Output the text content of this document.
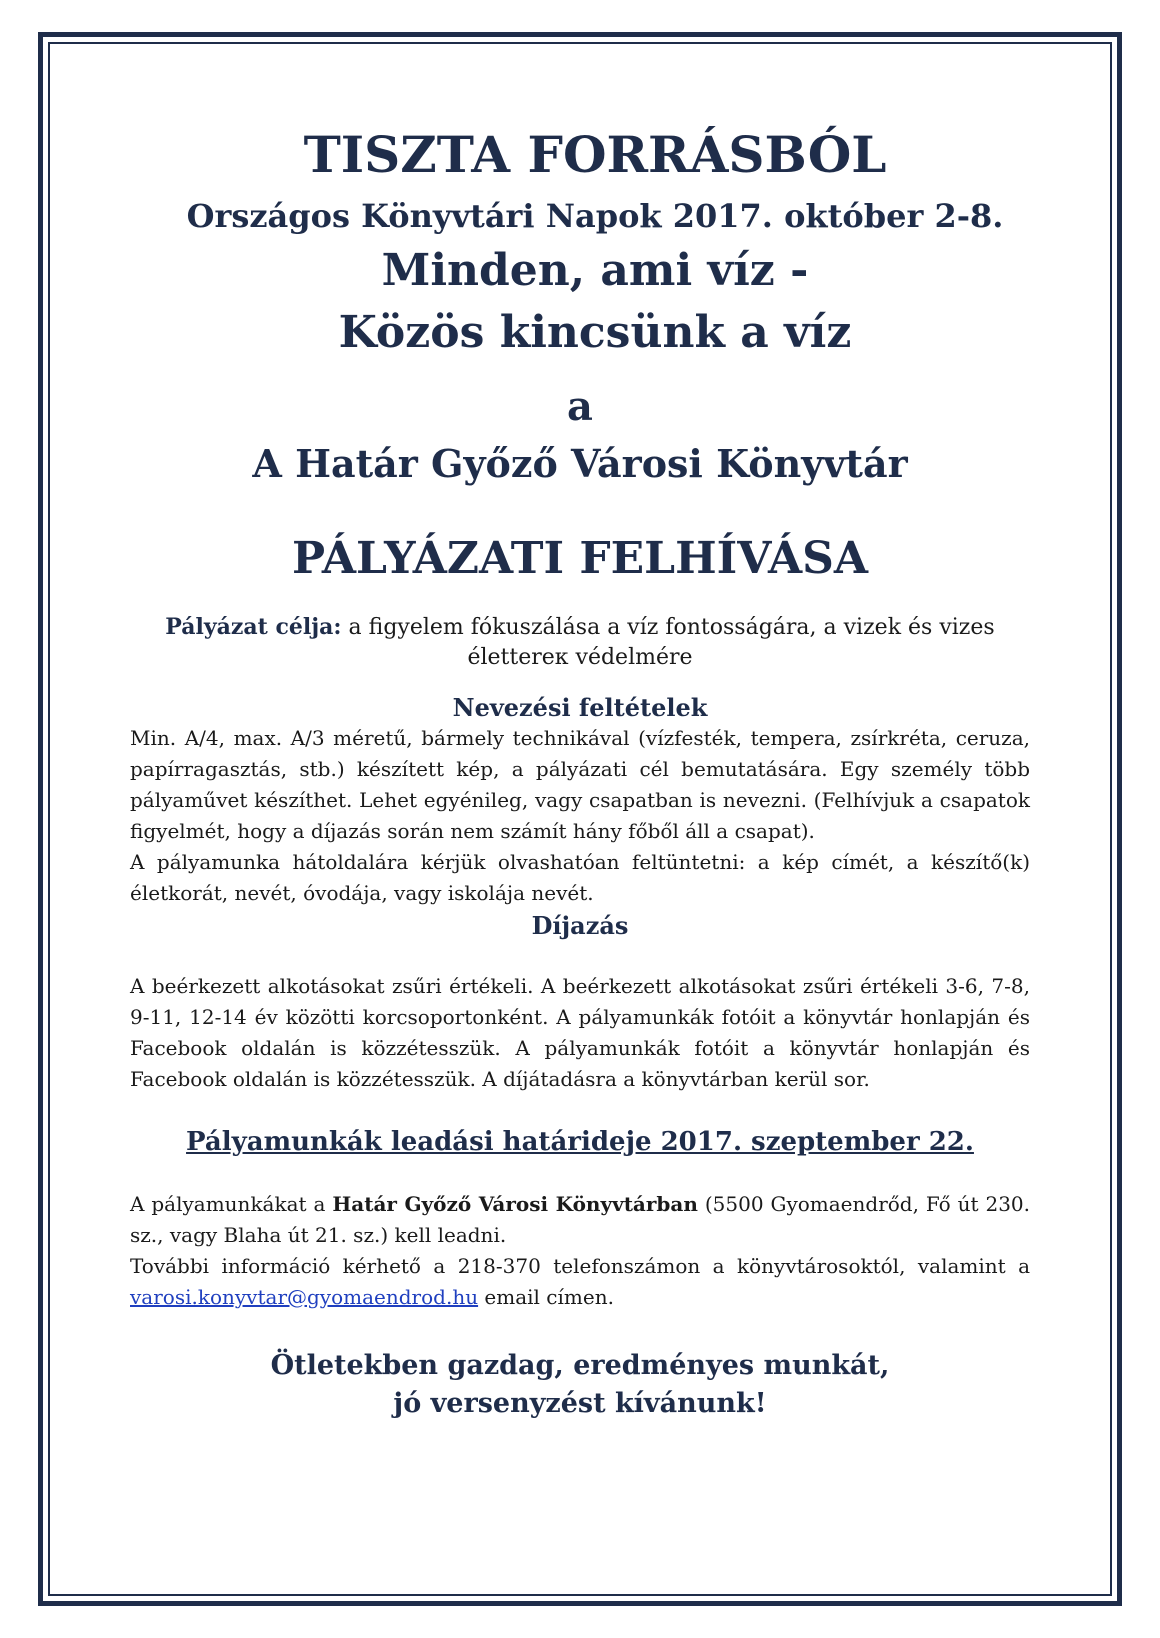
TISZTA FORRÁSBÓL
Országos Könyvtári Napok 2017. október 2-8.
Minden, ami víz -
Közös kincsünk a víz
a
A Határ Győző Városi Könyvtár
PÁLYÁZATI FELHÍVÁSA

Pályázat célja: a figyelem fókuszálása a víz fontosságára, a vizek és vizes élettereк védelmére

Nevezési feltételek

Min. A/4, max. A/3 méretű, bármely technikával (vízfesték, tempera, zsírkréta, ceruza, papírragasztás, stb.) készített kép, a pályázati cél bemutatására. Egy személy több pályaművet készíthet. Lehet egyénileg, vagy csapatban is nevezni. (Felhívjuk a csapatok figyelmét, hogy a díjazás során nem számít hány főből áll a csapat).

A pályamunka hátoldalára kérjük olvashatóan feltüntetni: a kép címét, a készítő(k) életkorát, nevét, óvodája, vagy iskolája nevét.

Díjazás

A beérkezett alkotásokat zsűri értékeli. A beérkezett alkotásokat zsűri értékeli 3-6, 7-8, 9-11, 12-14 év közötti korcsoportonként. A pályamunkák fotóit a könyvtár honlapján és Facebook oldalán is közzétesszük. A pályamunkák fotóit a könyvtár honlapján és Facebook oldalán is közzétesszük. A díjátadásra a könyvtárban kerül sor.

Pályamunkák leadási határideje 2017. szeptember 22.

A pályamunkákat a Határ Győző Városi Könyvtárban (5500 Gyomaendrőd, Fő út 230. sz., vagy Blaha út 21. sz.) kell leadni.

További információ kérhető a 218-370 telefonszámon a könyvtárosoktól, valamint a varosi.konyvtar@gyomaendrod.hu email címen.

Ötletekben gazdag, eredményes munkát,

jó versenyzést kívánunk!
